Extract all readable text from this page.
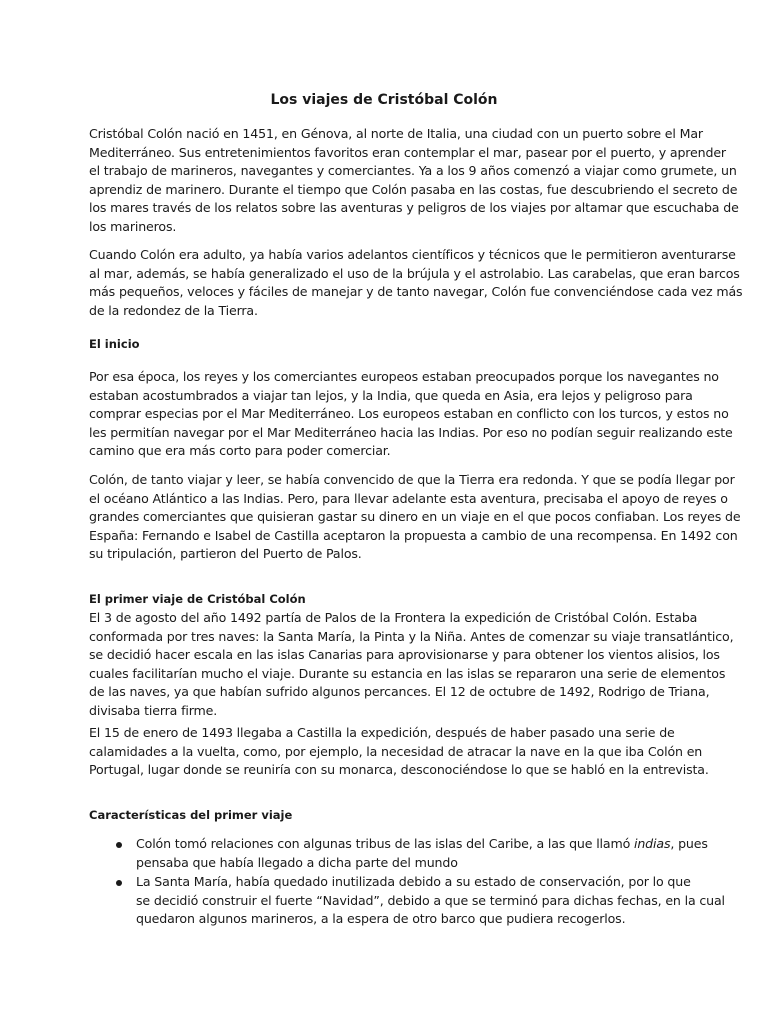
Los viajes de Cristóbal Colón

Cristóbal Colón nació en 1451, en Génova, al norte de Italia, una ciudad con un puerto sobre el Mar
Mediterráneo. Sus entretenimientos favoritos eran contemplar el mar, pasear por el puerto, y aprender
el trabajo de marineros, navegantes y comerciantes. Ya a los 9 años comenzó a viajar como grumete, un
aprendiz de marinero. Durante el tiempo que Colón pasaba en las costas, fue descubriendo el secreto de
los mares través de los relatos sobre las aventuras y peligros de los viajes por altamar que escuchaba de
los marineros.

Cuando Colón era adulto, ya había varios adelantos científicos y técnicos que le permitieron aventurarse
al mar, además, se había generalizado el uso de la brújula y el astrolabio. Las carabelas, que eran barcos
más pequeños, veloces y fáciles de manejar y de tanto navegar, Colón fue convenciéndose cada vez más
de la redondez de la Tierra.

El inicio

Por esa época, los reyes y los comerciantes europeos estaban preocupados porque los navegantes no
estaban acostumbrados a viajar tan lejos, y la India, que queda en Asia, era lejos y peligroso para
comprar especias por el Mar Mediterráneo. Los europeos estaban en conflicto con los turcos, y estos no
les permitían navegar por el Mar Mediterráneo hacia las Indias. Por eso no podían seguir realizando este
camino que era más corto para poder comerciar.

Colón, de tanto viajar y leer, se había convencido de que la Tierra era redonda. Y que se podía llegar por
el océano Atlántico a las Indias. Pero, para llevar adelante esta aventura, precisaba el apoyo de reyes o
grandes comerciantes que quisieran gastar su dinero en un viaje en el que pocos confiaban. Los reyes de
España: Fernando e Isabel de Castilla aceptaron la propuesta a cambio de una recompensa. En 1492 con
su tripulación, partieron del Puerto de Palos.

El primer viaje de Cristóbal Colón

El 3 de agosto del año 1492 partía de Palos de la Frontera la expedición de Cristóbal Colón. Estaba
conformada por tres naves: la Santa María, la Pinta y la Niña. Antes de comenzar su viaje transatlántico,
se decidió hacer escala en las islas Canarias para aprovisionarse y para obtener los vientos alisios, los
cuales facilitarían mucho el viaje. Durante su estancia en las islas se repararon una serie de elementos
de las naves, ya que habían sufrido algunos percances. El 12 de octubre de 1492, Rodrigo de Triana,
divisaba tierra firme.

El 15 de enero de 1493 llegaba a Castilla la expedición, después de haber pasado una serie de
calamidades a la vuelta, como, por ejemplo, la necesidad de atracar la nave en la que iba Colón en
Portugal, lugar donde se reuniría con su monarca, desconociéndose lo que se habló en la entrevista.

Características del primer viaje
Colón tomó relaciones con algunas tribus de las islas del Caribe, a las que llamó indias, pues
pensaba que había llegado a dicha parte del mundo
La Santa María, había quedado inutilizada debido a su estado de conservación, por lo que
se decidió construir el fuerte “Navidad”, debido a que se terminó para dichas fechas, en la cual
quedaron algunos marineros, a la espera de otro barco que pudiera recogerlos.
